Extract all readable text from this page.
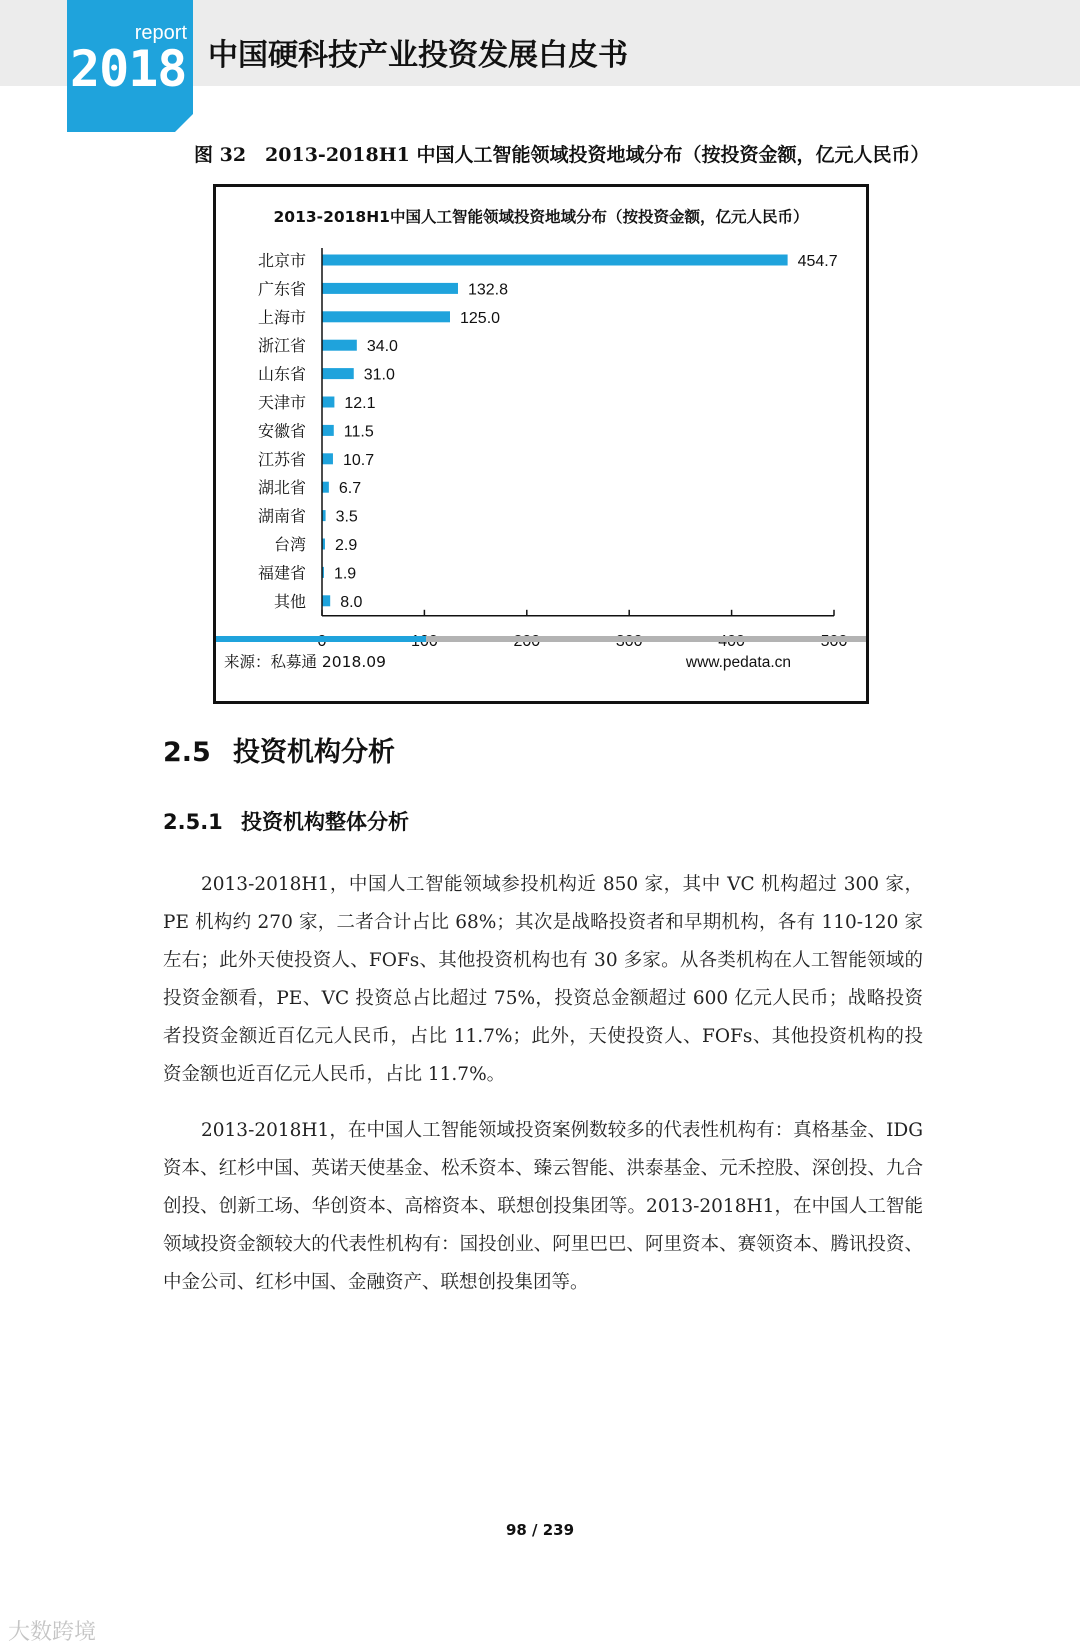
report
2018 中国硬科技产业投资发展白皮书
图 32　2013-2018H1 中国人工智能领域投资地域分布（按投资金额，亿元人民币）
2013-2018H1中国人工智能领域投资地域分布（按投资金额，亿元人民币）
北京市	454.7
广东省	132.8
上海市	125.0
浙江省	34.0
山东省	31.0
天津市 12.1
安徽省 11.5
江苏省 10.7
湖北省 6.7
湖南省 3.5
台湾 2.9
福建省 1.9
其他 8.0
来源：私募通 2018.09	www.pedata.cn
2.5 投资机构分析
2.5.1 投资机构整体分析

2013-2018H1，中国人工智能领域参投机构近 850 家，其中 VC 机构超过 300 家，PE 机构约 270 家，二者合计占比 68%；其次是战略投资者和早期机构，各有 110-120 家左右；此外天使投资人、FOFs、其他投资机构也有 30 多家。从各类机构在人工智能领域的投资金额看，PE、VC 投资总占比超过 75%，投资总金额超过 600 亿元人民币；战略投资者投资金额近百亿元人民币，占比 11.7%；此外，天使投资人、FOFs、其他投资机构的投资金额也近百亿元人民币，占比 11.7%。

2013-2018H1，在中国人工智能领域投资案例数较多的代表性机构有：真格基金、IDG 资本、红杉中国、英诺天使基金、松禾资本、臻云智能、洪泰基金、元禾控股、深创投、九合创投、创新工场、华创资本、高榕资本、联想创投集团等。2013-2018H1，在中国人工智能领域投资金额较大的代表性机构有：国投创业、阿里巴巴、阿里资本、赛领资本、腾讯投资、中金公司、红杉中国、金融资产、联想创投集团等。

98 / 239
大数跨境
